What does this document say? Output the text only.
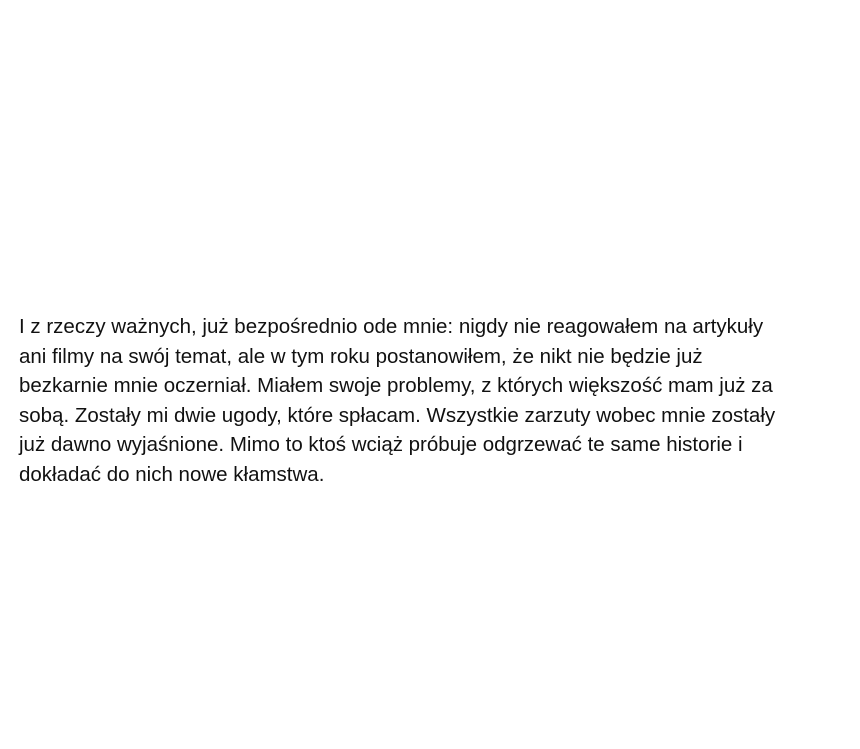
I z rzeczy ważnych, już bezpośrednio ode mnie: nigdy nie reagowałem na artykuły
ani filmy na swój temat, ale w tym roku postanowiłem, że nikt nie będzie już
bezkarnie mnie oczerniał. Miałem swoje problemy, z których większość mam już za
sobą. Zostały mi dwie ugody, które spłacam. Wszystkie zarzuty wobec mnie zostały
już dawno wyjaśnione. Mimo to ktoś wciąż próbuje odgrzewać te same historie i
dokładać do nich nowe kłamstwa.
